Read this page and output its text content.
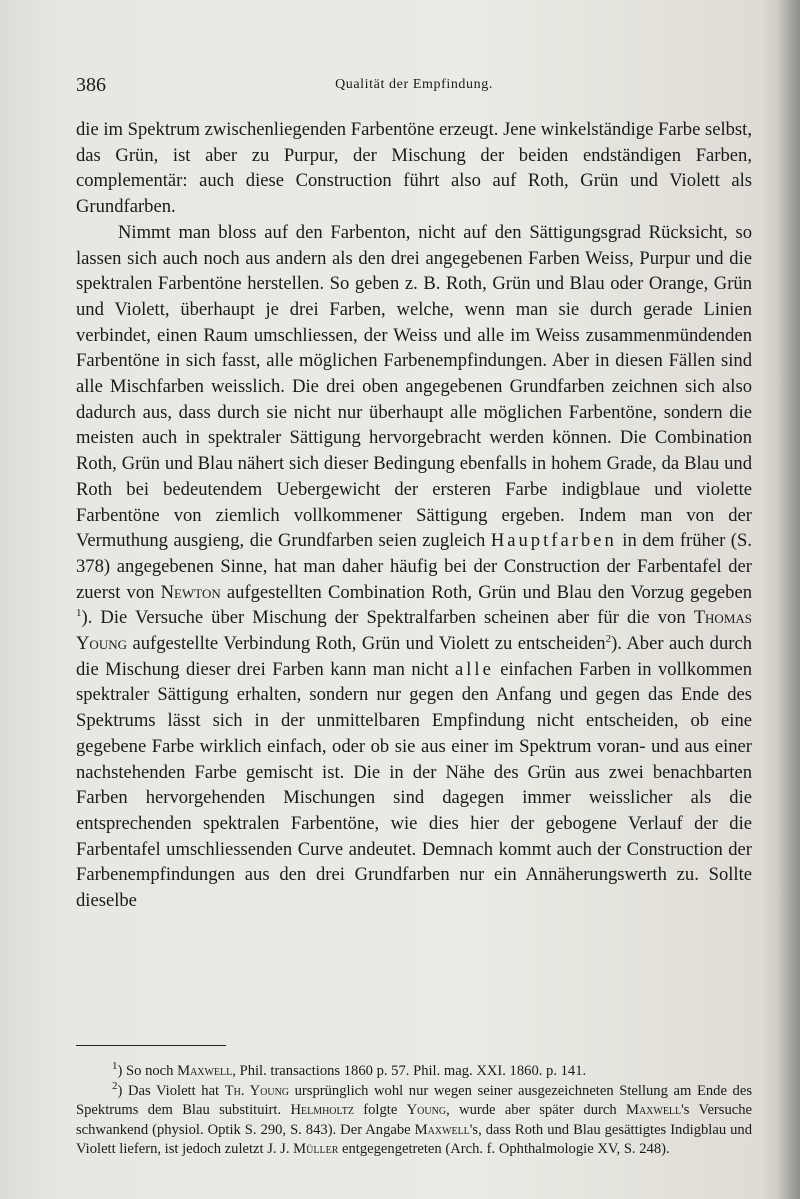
386	Qualität der Empfindung.

die im Spektrum zwischenliegenden Farbentöne erzeugt. Jene winkelständige Farbe selbst, das Grün, ist aber zu Purpur, der Mischung der beiden endständigen Farben, complementär: auch diese Construction führt also auf Roth, Grün und Violett als Grundfarben.

Nimmt man bloss auf den Farbenton, nicht auf den Sättigungsgrad Rücksicht, so lassen sich auch noch aus andern als den drei angegebenen Farben Weiss, Purpur und die spektralen Farbentöne herstellen. So geben z. B. Roth, Grün und Blau oder Orange, Grün und Violett, überhaupt je drei Farben, welche, wenn man sie durch gerade Linien verbindet, einen Raum umschliessen, der Weiss und alle im Weiss zusammenmündenden Farbentöne in sich fasst, alle möglichen Farbenempfindungen. Aber in diesen Fällen sind alle Mischfarben weisslich. Die drei oben angegebenen Grundfarben zeichnen sich also dadurch aus, dass durch sie nicht nur überhaupt alle möglichen Farbentöne, sondern die meisten auch in spektraler Sättigung hervorgebracht werden können. Die Combination Roth, Grün und Blau nähert sich dieser Bedingung ebenfalls in hohem Grade, da Blau und Roth bei bedeutendem Uebergewicht der ersteren Farbe indigblaue und violette Farbentöne von ziemlich vollkommener Sättigung ergeben. Indem man von der Vermuthung ausgieng, die Grundfarben seien zugleich Hauptfarben in dem früher (S. 378) angegebenen Sinne, hat man daher häufig bei der Construction der Farbentafel der zuerst von Newton aufgestellten Combination Roth, Grün und Blau den Vorzug gegeben $^1$). Die Versuche über Mischung der Spektralfarben scheinen aber für die von Thomas Young aufgestellte Verbindung Roth, Grün und Violett zu entscheiden$^2$). Aber auch durch die Mischung dieser drei Farben kann man nicht alle einfachen Farben in vollkommen spektraler Sättigung erhalten, sondern nur gegen den Anfang und gegen das Ende des Spektrums lässt sich in der unmittelbaren Empfindung nicht entscheiden, ob eine gegebene Farbe wirklich einfach, oder ob sie aus einer im Spektrum voran- und aus einer nachstehenden Farbe gemischt ist. Die in der Nähe des Grün aus zwei benachbarten Farben hervorgehenden Mischungen sind dagegen immer weisslicher als die entsprechenden spektralen Farbentöne, wie dies hier der gebogene Verlauf der die Farbentafel umschliessenden Curve andeutet. Demnach kommt auch der Construction der Farbenempfindungen aus den drei Grundfarben nur ein Annäherungswerth zu. Sollte dieselbe

$^1$) So noch Maxwell, Phil. transactions 1860 p. 57. Phil. mag. XXI. 1860. p. 141.

$^2$) Das Violett hat Th. Young ursprünglich wohl nur wegen seiner ausgezeichneten Stellung am Ende des Spektrums dem Blau substituirt. Helmholtz folgte Young, wurde aber später durch Maxwell's Versuche schwankend (physiol. Optik S. 290, S. 843). Der Angabe Maxwell's, dass Roth und Blau gesättigtes Indigblau und Violett liefern, ist jedoch zuletzt J. J. Müller entgegengetreten (Arch. f. Ophthalmologie XV, S. 248).
